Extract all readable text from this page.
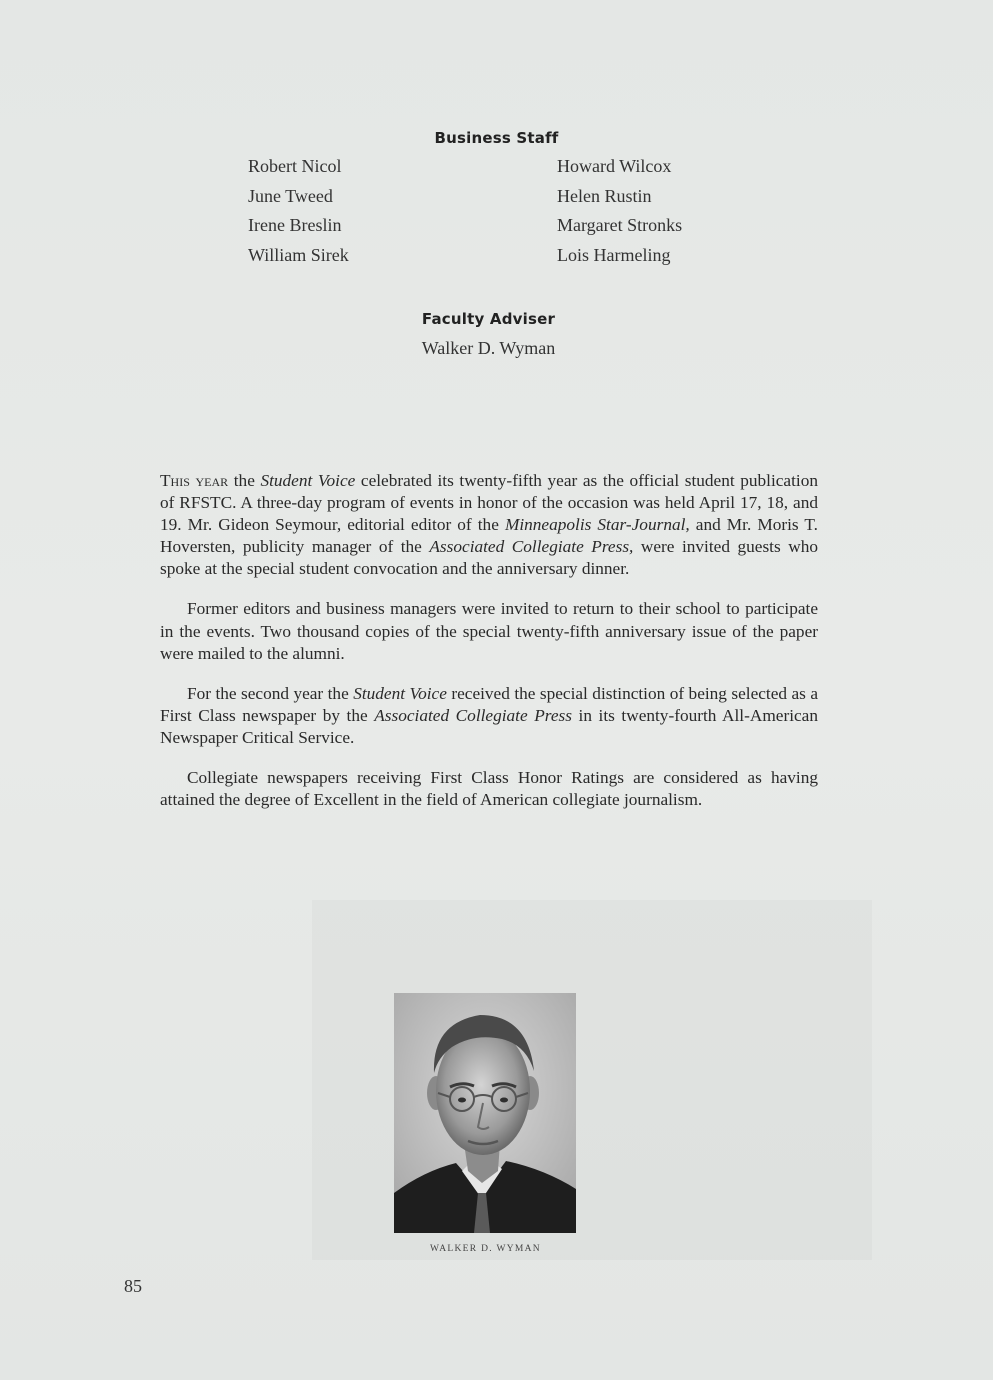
Business Staff
Robert Nicol
June Tweed
Irene Breslin
William Sirek
Howard Wilcox
Helen Rustin
Margaret Stronks
Lois Harmeling
Faculty Adviser
Walker D. Wyman

This year the Student Voice celebrated its twenty-fifth year as the official student publication of RFSTC. A three-day program of events in honor of the occasion was held April 17, 18, and 19. Mr. Gideon Seymour, editorial editor of the Minneapolis Star-Journal, and Mr. Moris T. Hoversten, publicity manager of the Associated Collegiate Press, were invited guests who spoke at the special student convocation and the anniversary dinner.

Former editors and business managers were invited to return to their school to participate in the events. Two thousand copies of the special twenty-fifth anniversary issue of the paper were mailed to the alumni.

For the second year the Student Voice received the special distinction of being selected as a First Class newspaper by the Associated Collegiate Press in its twenty-fourth All-American Newspaper Critical Service.

Collegiate newspapers receiving First Class Honor Ratings are considered as having attained the degree of Excellent in the field of American collegiate journalism.

WALKER D. WYMAN
85
